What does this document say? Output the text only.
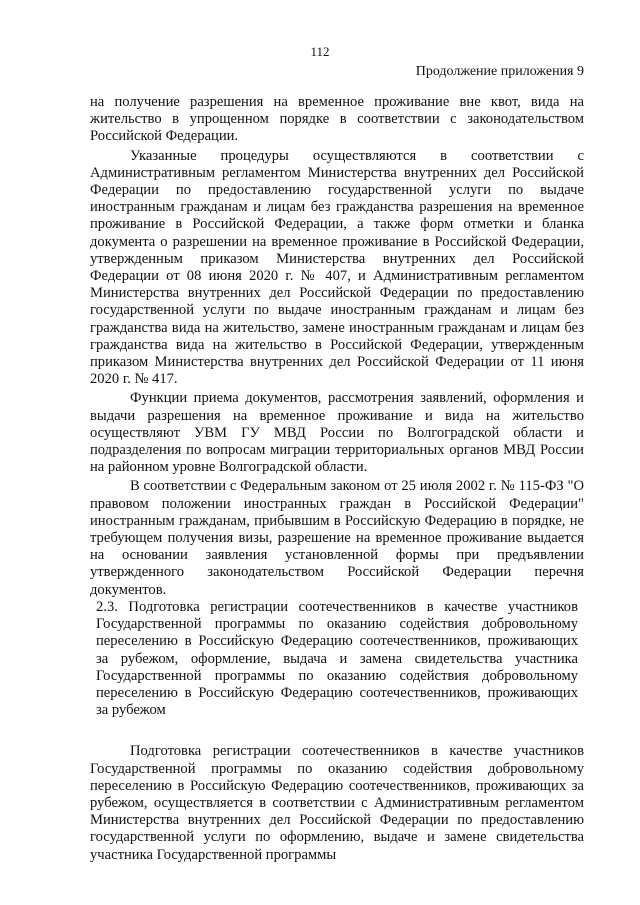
112
Продолжение приложения 9

на получение разрешения на временное проживание вне квот, вида на жительство в упрощенном порядке в соответствии с законодательством Российской Федерации.

Указанные процедуры осуществляются в соответствии с Административным регламентом Министерства внутренних дел Российской Федерации по предоставлению государственной услуги по выдаче иностранным гражданам и лицам без гражданства разрешения на временное проживание в Российской Федерации, а также форм отметки и бланка документа о разрешении на временное проживание в Российской Федерации, утвержденным приказом Министерства внутренних дел Российской Федерации от 08 июня 2020 г. № 407, и Административным регламентом Министерства внутренних дел Российской Федерации по предоставлению государственной услуги по выдаче иностранным гражданам и лицам без гражданства вида на жительство, замене иностранным гражданам и лицам без гражданства вида на жительство в Российской Федерации, утвержденным приказом Министерства внутренних дел Российской Федерации от 11 июня 2020 г. № 417.

Функции приема документов, рассмотрения заявлений, оформления и выдачи разрешения на временное проживание и вида на жительство осуществляют УВМ ГУ МВД России по Волгоградской области и подразделения по вопросам миграции территориальных органов МВД России на районном уровне Волгоградской области.

В соответствии с Федеральным законом от 25 июля 2002 г. № 115-ФЗ "О правовом положении иностранных граждан в Российской Федерации" иностранным гражданам, прибывшим в Российскую Федерацию в порядке, не требующем получения визы, разрешение на временное проживание выдается на основании заявления установленной формы при предъявлении утвержденного законодательством Российской Федерации перечня документов.

2.3. Подготовка регистрации соотечественников в качестве участников Государственной программы по оказанию содействия добровольному переселению в Российскую Федерацию соотечественников, проживающих за рубежом, оформление, выдача и замена свидетельства участника Государственной программы по оказанию содействия добровольному переселению в Российскую Федерацию соотечественников, проживающих за рубежом

Подготовка регистрации соотечественников в качестве участников Государственной программы по оказанию содействия добровольному переселению в Российскую Федерацию соотечественников, проживающих за рубежом, осуществляется в соответствии с Административным регламентом Министерства внутренних дел Российской Федерации по предоставлению государственной услуги по оформлению, выдаче и замене свидетельства участника Государственной программы
